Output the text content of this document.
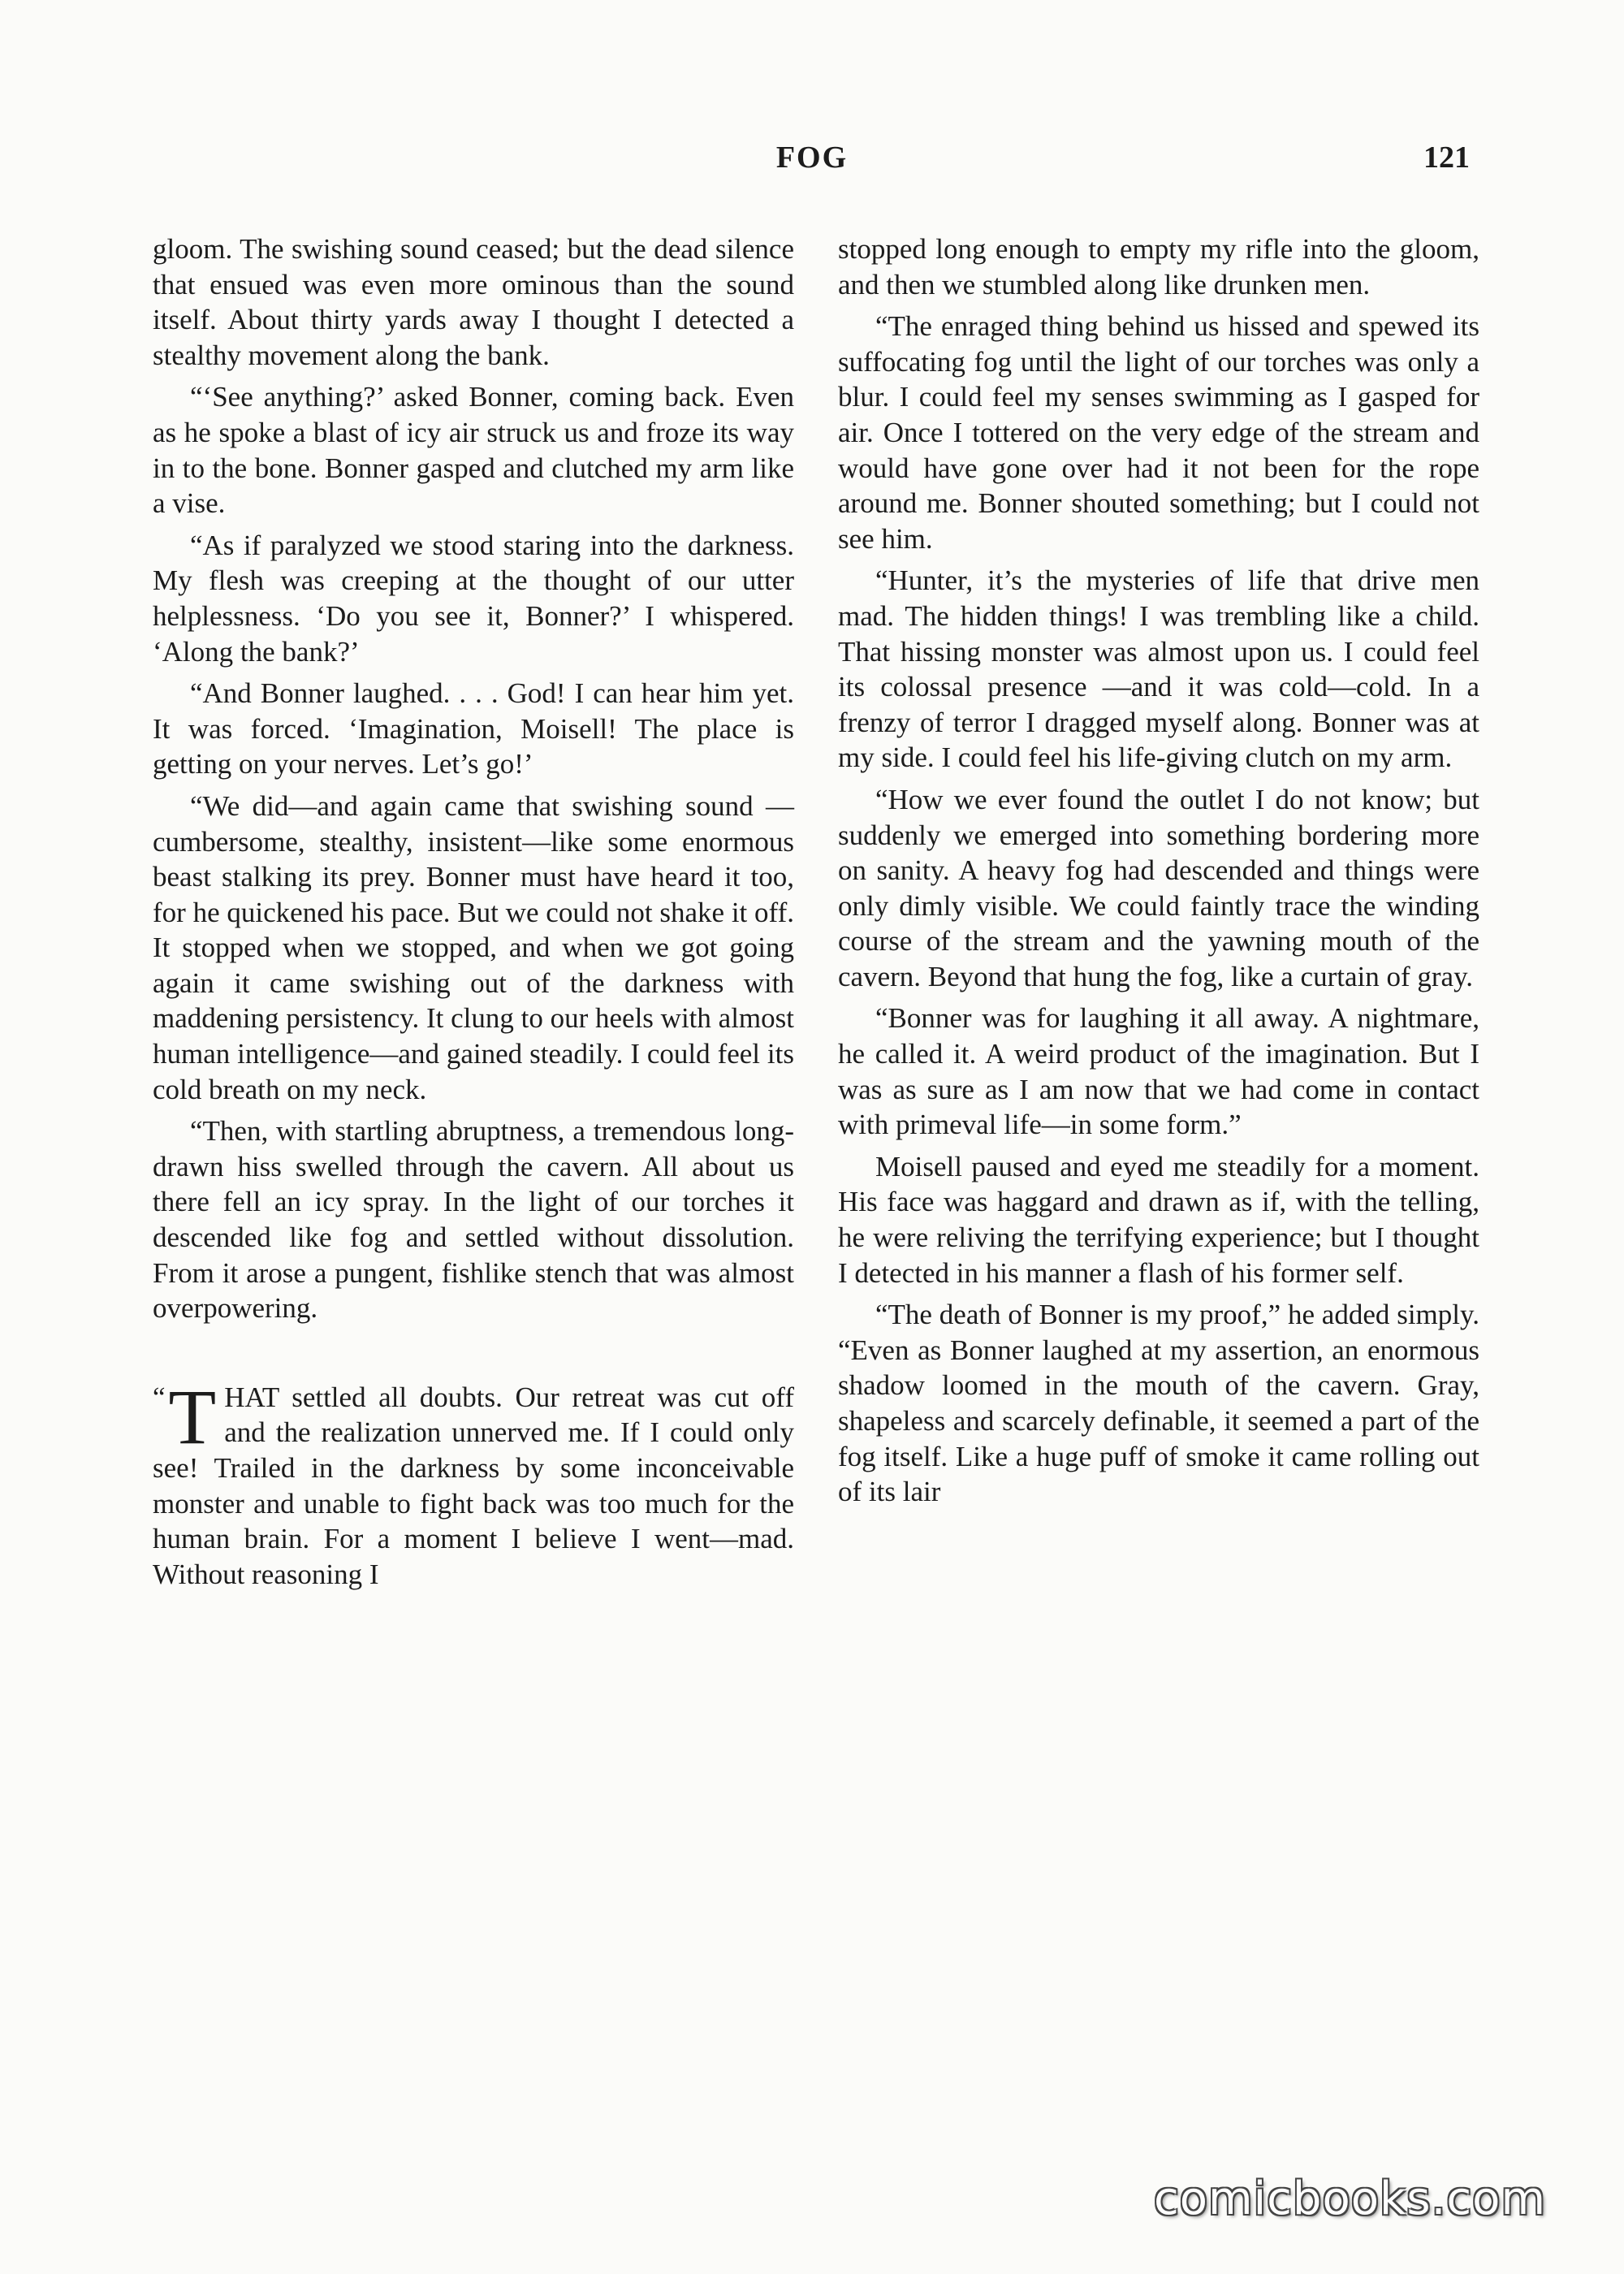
FOG	121

gloom. The swishing sound ceased; but the dead silence that ensued was even more ominous than the sound itself. About thirty yards away I thought I detected a stealthy movement along the bank.

“‘See anything?’ asked Bonner, coming back. Even as he spoke a blast of icy air struck us and froze its way in to the bone. Bonner gasped and clutched my arm like a vise.

“As if paralyzed we stood staring into the darkness. My flesh was creeping at the thought of our utter helplessness. ‘Do you see it, Bonner?’ I whispered. ‘Along the bank?’

“And Bonner laughed. . . . God! I can hear him yet. It was forced. ‘Imagination, Moisell! The place is getting on your nerves. Let’s go!’

“We did—and again came that swishing sound — cumbersome, stealthy, insistent—like some enormous beast stalking its prey. Bonner must have heard it too, for he quickened his pace. But we could not shake it off. It stopped when we stopped, and when we got going again it came swishing out of the darkness with maddening persistency. It clung to our heels with almost human intelligence—and gained steadily. I could feel its cold breath on my neck.

“Then, with startling abruptness, a tremendous long-drawn hiss swelled through the cavern. All about us there fell an icy spray. In the light of our torches it descended like fog and settled without dissolution. From it arose a pungent, fishlike stench that was almost overpowering.

“ T HAT settled all doubts. Our retreat was cut off and the realization unnerved me. If I could only see! Trailed in the darkness by some inconceivable monster and unable to fight back was too much for the human brain. For a moment I believe I went—mad. Without reasoning I

stopped long enough to empty my rifle into the gloom, and then we stumbled along like drunken men.

“The enraged thing behind us hissed and spewed its suffocating fog until the light of our torches was only a blur. I could feel my senses swimming as I gasped for air. Once I tottered on the very edge of the stream and would have gone over had it not been for the rope around me. Bonner shouted something; but I could not see him.

“Hunter, it’s the mysteries of life that drive men mad. The hidden things! I was trembling like a child. That hissing monster was almost upon us. I could feel its colossal presence —and it was cold—cold. In a frenzy of terror I dragged myself along. Bonner was at my side. I could feel his life-giving clutch on my arm.

“How we ever found the outlet I do not know; but suddenly we emerged into something bordering more on sanity. A heavy fog had descended and things were only dimly visible. We could faintly trace the winding course of the stream and the yawning mouth of the cavern. Beyond that hung the fog, like a curtain of gray.

“Bonner was for laughing it all away. A nightmare, he called it. A weird product of the imagination. But I was as sure as I am now that we had come in contact with primeval life—in some form.”

Moisell paused and eyed me steadily for a moment. His face was haggard and drawn as if, with the telling, he were reliving the terrifying experience; but I thought I detected in his manner a flash of his former self.

“The death of Bonner is my proof,” he added simply. “Even as Bonner laughed at my assertion, an enormous shadow loomed in the mouth of the cavern. Gray, shapeless and scarcely definable, it seemed a part of the fog itself. Like a huge puff of smoke it came rolling out of its lair

comicbooks.com
